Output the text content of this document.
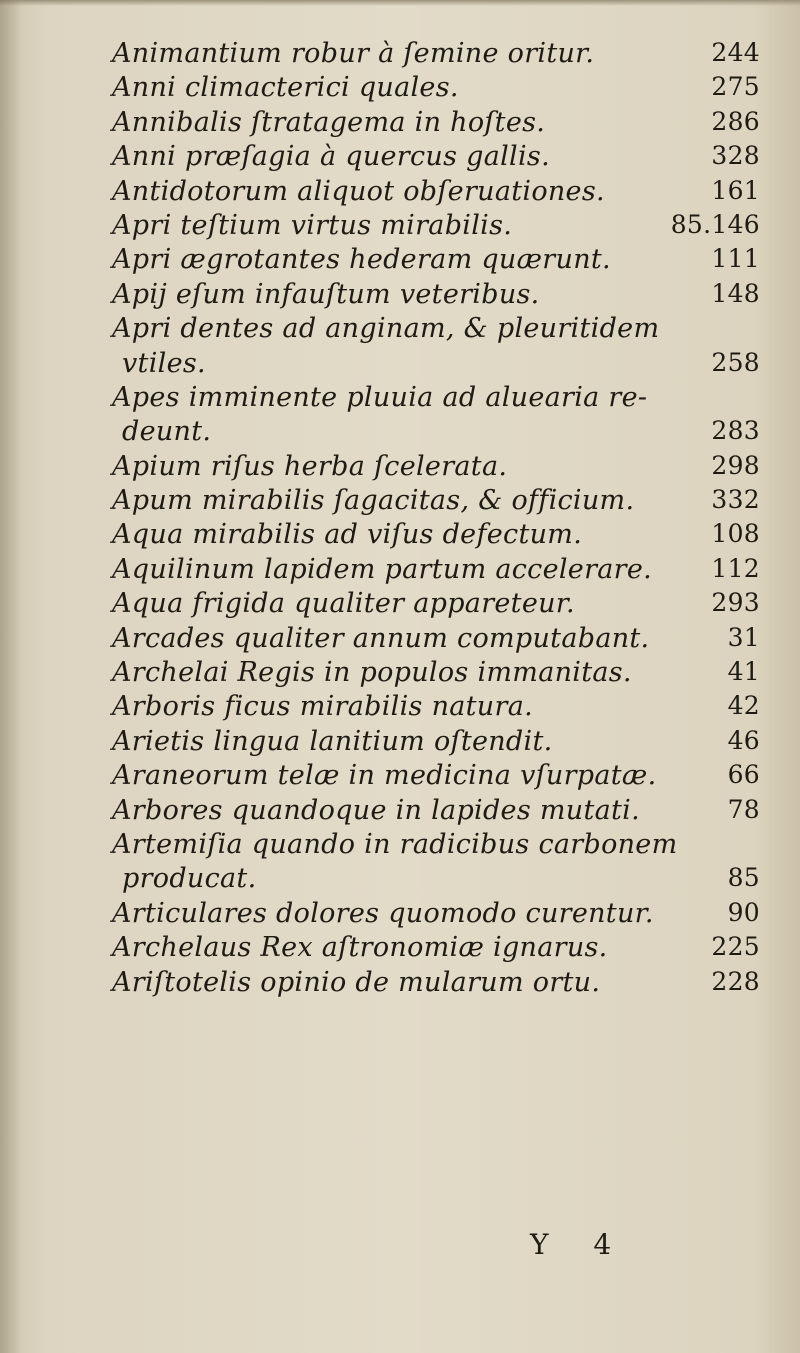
Animantium robur à ſemine oritur.	244
Anni climacterici quales.	275
Annibalis ſtratagema in hoſtes.	286
Anni præſagia à quercus gallis.	328
Antidotorum aliquot obſeruationes.	161
Apri teſtium virtus mirabilis.	85.146
Apri ægrotantes hederam quærunt.	111
Apij eſum infauſtum veteribus.	148
Apri dentes ad anginam, & pleuritidem
vtiles.	258
Apes imminente pluuia ad aluearia re-
deunt.	283
Apium riſus herba ſcelerata.	298
Apum mirabilis ſagacitas, & officium.	332
Aqua mirabilis ad viſus defectum.	108
Aquilinum lapidem partum accelerare. 112
Aqua frigida qualiter appareteur.	293
Arcades qualiter annum computabant.	31
Archelai Regis in populos immanitas.	41
Arboris ficus mirabilis natura.	42
Arietis lingua lanitium oſtendit.	46
Araneorum telæ in medicina vſurpatæ.	66
Arbores quandoque in lapides mutati.	78
Artemiſia quando in radicibus carbonem
producat.	85
Articulares dolores quomodo curentur.	90
Archelaus Rex aſtronomiæ ignarus.	225
Ariſtotelis opinio de mularum ortu.	228
Y 4
